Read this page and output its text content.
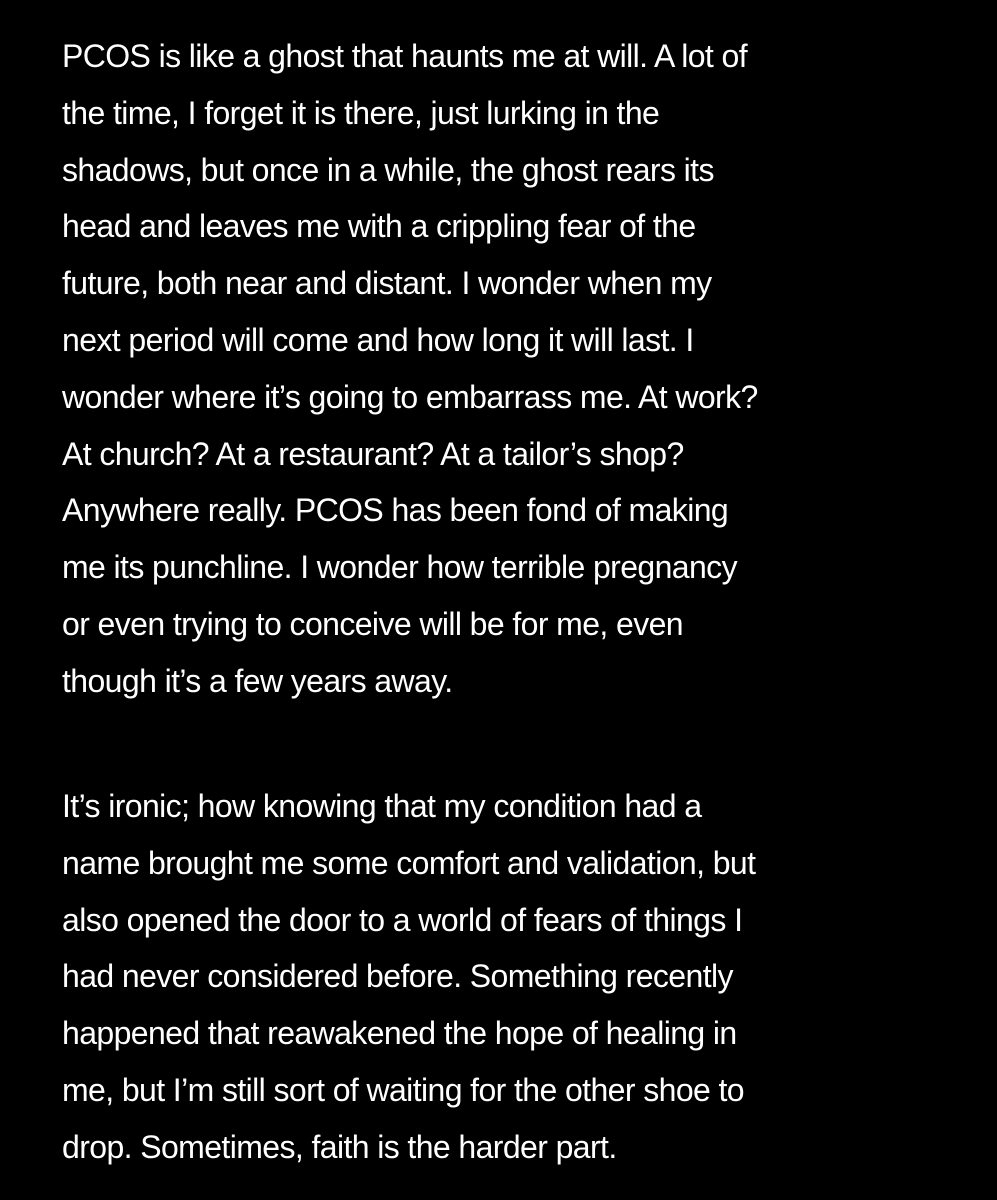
PCOS is like a ghost that haunts me at will. A lot of
the time, I forget it is there, just lurking in the
shadows, but once in a while, the ghost rears its
head and leaves me with a crippling fear of the
future, both near and distant. I wonder when my
next period will come and how long it will last. I
wonder where it’s going to embarrass me. At work?
At church? At a restaurant? At a tailor’s shop?
Anywhere really. PCOS has been fond of making
me its punchline. I wonder how terrible pregnancy
or even trying to conceive will be for me, even
though it’s a few years away.

It’s ironic; how knowing that my condition had a
name brought me some comfort and validation, but
also opened the door to a world of fears of things I
had never considered before. Something recently
happened that reawakened the hope of healing in
me, but I’m still sort of waiting for the other shoe to
drop. Sometimes, faith is the harder part.
